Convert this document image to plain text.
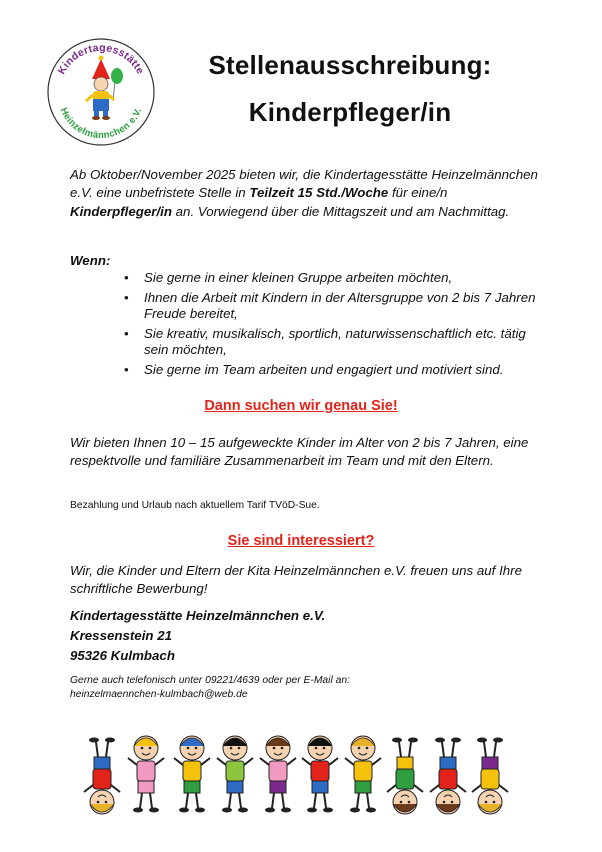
Kindertagesstätte
Heinzelmännchen e.V.
Stellenausschreibung:
Kinderpfleger/in
Ab Oktober/November 2025 bieten wir, die Kindertagesstätte Heinzelmännchen e.V. eine unbefristete Stelle in Teilzeit 15 Std./Woche für eine/n Kinderpfleger/in an. Vorwiegend über die Mittagszeit und am Nachmittag.
Wenn:
• Sie gerne in einer kleinen Gruppe arbeiten möchten,
• Ihnen die Arbeit mit Kindern in der Altersgruppe von 2 bis 7 Jahren Freude bereitet,
• Sie kreativ, musikalisch, sportlich, naturwissenschaftlich etc. tätig sein möchten,
• Sie gerne im Team arbeiten und engagiert und motiviert sind.
Dann suchen wir genau Sie!
Wir bieten Ihnen 10 – 15 aufgeweckte Kinder im Alter von 2 bis 7 Jahren, eine respektvolle und familiäre Zusammenarbeit im Team und mit den Eltern.
Bezahlung und Urlaub nach aktuellem Tarif TVöD-Sue.
Sie sind interessiert?
Wir, die Kinder und Eltern der Kita Heinzelmännchen e.V. freuen uns auf Ihre schriftliche Bewerbung!
Kindertagesstätte Heinzelmännchen e.V.
Kressenstein 21
95326 Kulmbach
Gerne auch telefonisch unter 09221/4639 oder per E-Mail an:
heinzelmaennchen-kulmbach@web.de
